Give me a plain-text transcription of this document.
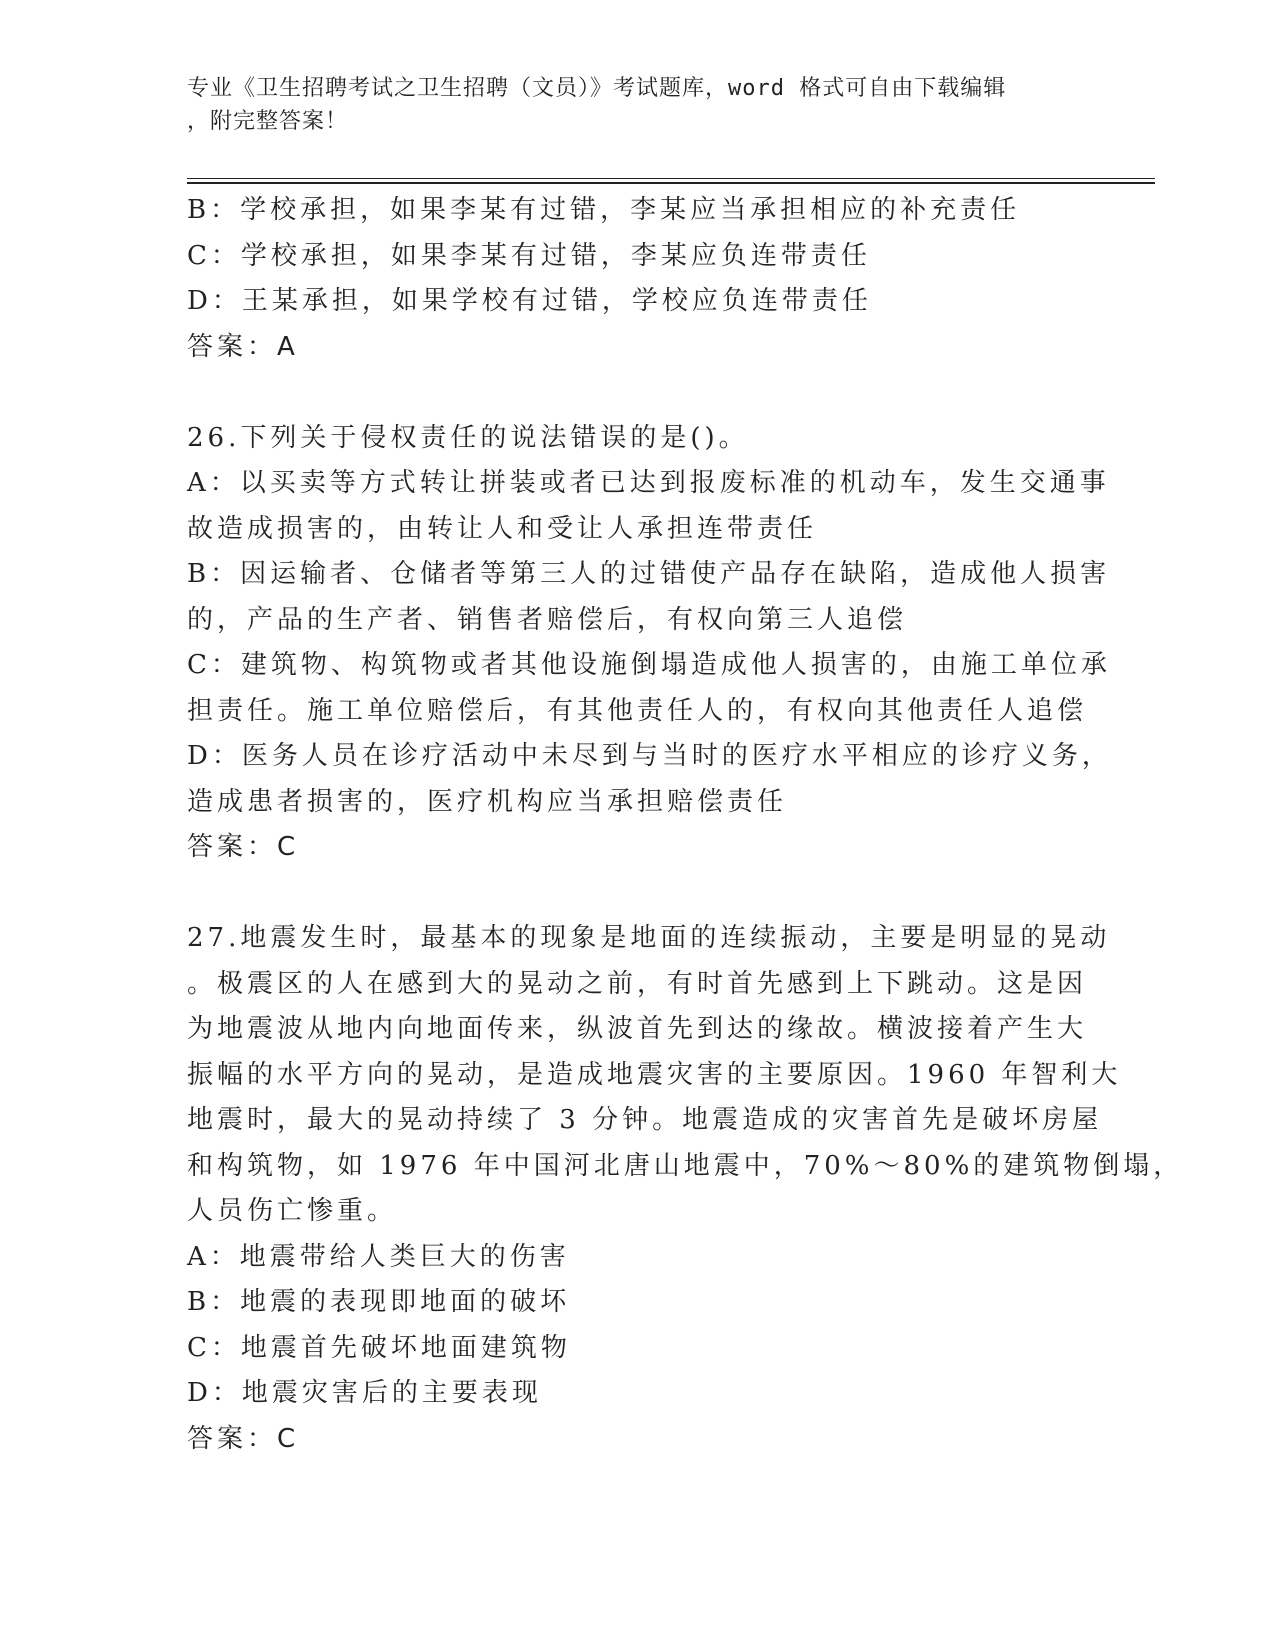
专业《卫生招聘考试之卫生招聘（文员）》考试题库，word 格式可自由下载编辑
，附完整答案！
B：学校承担，如果李某有过错，李某应当承担相应的补充责任
C：学校承担，如果李某有过错，李某应负连带责任
D：王某承担，如果学校有过错，学校应负连带责任
答案：A
26.下列关于侵权责任的说法错误的是()。
A：以买卖等方式转让拼装或者已达到报废标准的机动车，发生交通事
故造成损害的，由转让人和受让人承担连带责任
B：因运输者、仓储者等第三人的过错使产品存在缺陷，造成他人损害
的，产品的生产者、销售者赔偿后，有权向第三人追偿
C：建筑物、构筑物或者其他设施倒塌造成他人损害的，由施工单位承
担责任。施工单位赔偿后，有其他责任人的，有权向其他责任人追偿
D：医务人员在诊疗活动中未尽到与当时的医疗水平相应的诊疗义务，
造成患者损害的，医疗机构应当承担赔偿责任
答案：C
27.地震发生时，最基本的现象是地面的连续振动，主要是明显的晃动
。极震区的人在感到大的晃动之前，有时首先感到上下跳动。这是因
为地震波从地内向地面传来，纵波首先到达的缘故。横波接着产生大
振幅的水平方向的晃动，是造成地震灾害的主要原因。1960 年智利大
地震时，最大的晃动持续了 3 分钟。地震造成的灾害首先是破坏房屋
和构筑物，如 1976 年中国河北唐山地震中，70%～80%的建筑物倒塌，
人员伤亡惨重。
A：地震带给人类巨大的伤害
B：地震的表现即地面的破坏
C：地震首先破坏地面建筑物
D：地震灾害后的主要表现
答案：C
